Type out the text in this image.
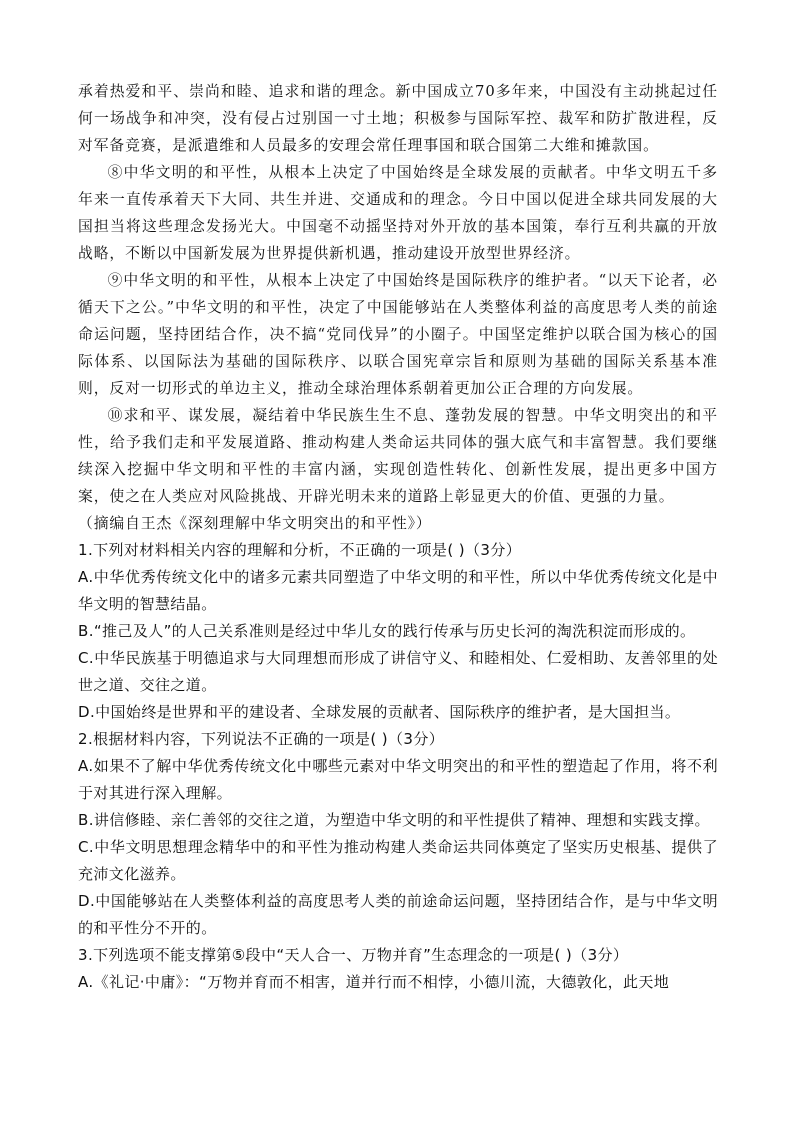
承着热爱和平、崇尚和睦、追求和谐的理念。新中国成立70多年来，中国没有主动挑起过任何一场战争和冲突，没有侵占过别国一寸土地；积极参与国际军控、裁军和防扩散进程，反对军备竞赛，是派遣维和人员最多的安理会常任理事国和联合国第二大维和摊款国。

⑧中华文明的和平性，从根本上决定了中国始终是全球发展的贡献者。中华文明五千多年来一直传承着天下大同、共生并进、交通成和的理念。今日中国以促进全球共同发展的大国担当将这些理念发扬光大。中国毫不动摇坚持对外开放的基本国策，奉行互利共赢的开放战略，不断以中国新发展为世界提供新机遇，推动建设开放型世界经济。

⑨中华文明的和平性，从根本上决定了中国始终是国际秩序的维护者。“以天下论者，必循天下之公。”中华文明的和平性，决定了中国能够站在人类整体利益的高度思考人类的前途命运问题，坚持团结合作，决不搞“党同伐异”的小圈子。中国坚定维护以联合国为核心的国际体系、以国际法为基础的国际秩序、以联合国宪章宗旨和原则为基础的国际关系基本准则，反对一切形式的单边主义，推动全球治理体系朝着更加公正合理的方向发展。

⑩求和平、谋发展，凝结着中华民族生生不息、蓬勃发展的智慧。中华文明突出的和平性，给予我们走和平发展道路、推动构建人类命运共同体的强大底气和丰富智慧。我们要继续深入挖掘中华文明和平性的丰富内涵，实现创造性转化、创新性发展，提出更多中国方案，使之在人类应对风险挑战、开辟光明未来的道路上彰显更大的价值、更强的力量。

（摘编自王杰《深刻理解中华文明突出的和平性》）

1.下列对材料相关内容的理解和分析，不正确的一项是( )（3分）

A.中华优秀传统文化中的诸多元素共同塑造了中华文明的和平性，所以中华优秀传统文化是中华文明的智慧结晶。

B.“推己及人”的人己关系准则是经过中华儿女的践行传承与历史长河的淘洗积淀而形成的。

C.中华民族基于明德追求与大同理想而形成了讲信守义、和睦相处、仁爱相助、友善邻里的处世之道、交往之道。

D.中国始终是世界和平的建设者、全球发展的贡献者、国际秩序的维护者，是大国担当。

2.根据材料内容，下列说法不正确的一项是( )（3分）

A.如果不了解中华优秀传统文化中哪些元素对中华文明突出的和平性的塑造起了作用，将不利于对其进行深入理解。

B.讲信修睦、亲仁善邻的交往之道，为塑造中华文明的和平性提供了精神、理想和实践支撑。

C.中华文明思想理念精华中的和平性为推动构建人类命运共同体奠定了坚实历史根基、提供了充沛文化滋养。

D.中国能够站在人类整体利益的高度思考人类的前途命运问题，坚持团结合作，是与中华文明的和平性分不开的。

3.下列选项不能支撑第⑤段中“天人合一、万物并育”生态理念的一项是( )（3分）

A.《礼记·中庸》：“万物并育而不相害，道并行而不相悖，小德川流，大德敦化，此天地
